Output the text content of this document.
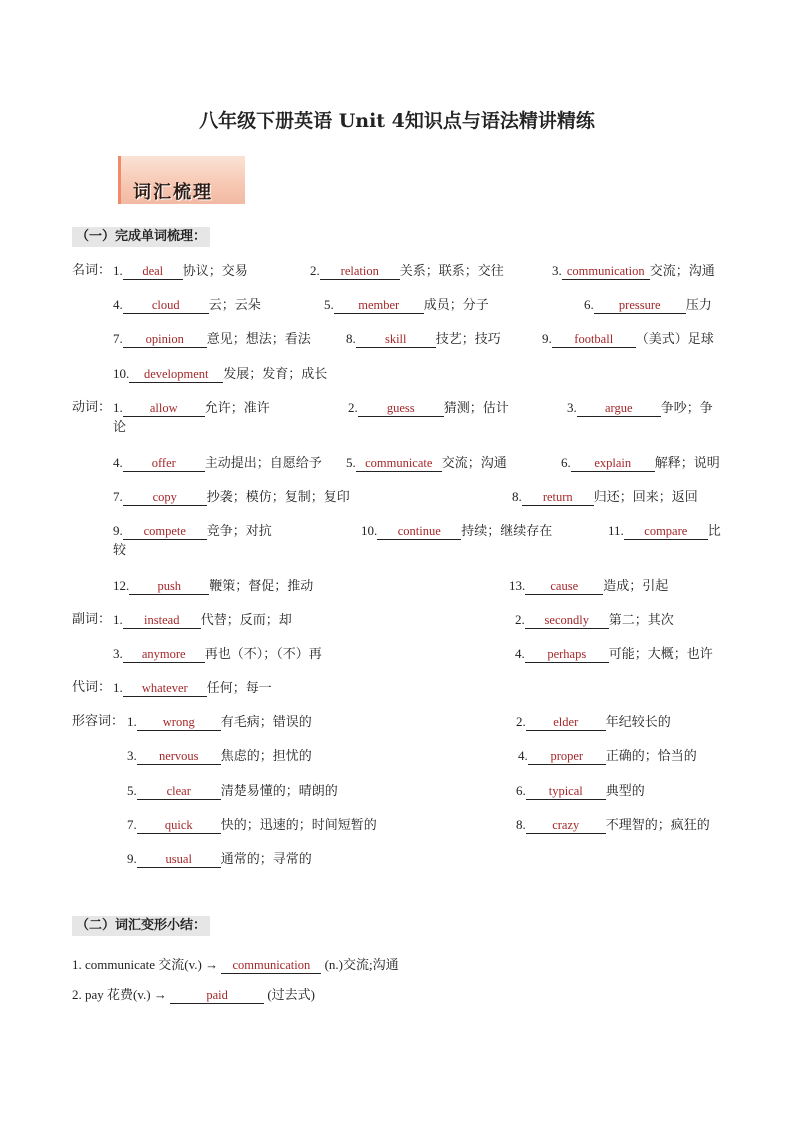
八年级下册英语 Unit 4知识点与语法精讲精练
词汇梳理
（一）完成单词梳理：
名词： 1. deal 协议；交易	2. relation 关系；联系；交往	3. communication 交流；沟通
4. cloud 云；云朵	5. member 成员；分子	6. pressure 压力
7. opinion 意见；想法；看法	8. skill 技艺；技巧	9. football （美式）足球
10. development 发展；发育；成长
动词： 1. allow 允许；准许	2. guess 猜测；估计	3. argue 争吵；争
论
4. offer 主动提出；自愿给予 5. communicate 交流；沟通	6. explain 解释；说明
7. copy 抄袭；模仿；复制；复印	8. return 归还；回来；返回
9. compete 竞争；对抗	10. continue 持续；继续存在	11. compare 比
较
12. push 鞭策；督促；推动	13. cause 造成；引起
副词： 1. instead 代替；反而；却	2. secondly 第二；其次
3. anymore 再也（不）；（不）再	4. perhaps 可能；大概；也许
代词： 1. whatever 任何；每一
形容词： 1. wrong 有毛病；错误的	2. elder 年纪较长的
3. nervous 焦虑的；担忧的	4. proper 正确的；恰当的
5. clear 清楚易懂的；晴朗的	6. typical 典型的
7. quick 快的；迅速的；时间短暂的	8. crazy 不理智的；疯狂的
9. usual 通常的；寻常的
（二）词汇变形小结：
1. communicate 交流(v.) → communication (n.)交流;沟通
2. pay 花费(v.) →	paid	(过去式)
